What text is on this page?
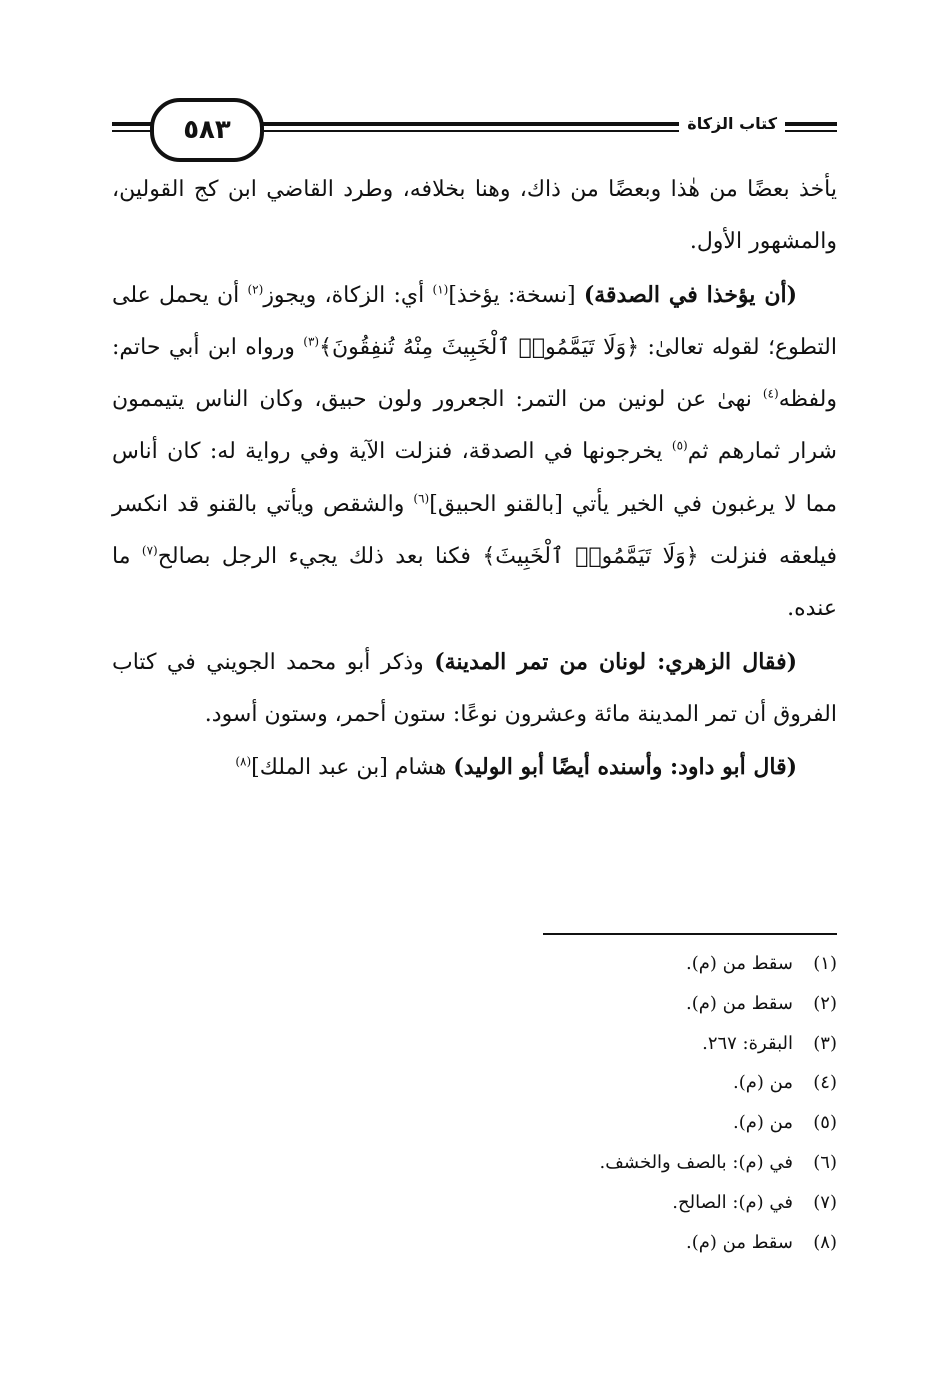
٥٨٣	كتاب الزكاة

يأخذ بعضًا من هٰذا وبعضًا من ذاك، وهنا بخلافه، وطرد القاضي ابن كج القولين، والمشهور الأول.

(أن يؤخذا في الصدقة) [نسخة: يؤخذ]$^{(١)}$ أي: الزكاة، ويجوز$^{(٢)}$ أن يحمل على التطوع؛ لقوله تعالىٰ: ﴿وَلَا تَيَمَّمُوا۟ ٱلْخَبِيثَ مِنْهُ تُنفِقُونَ﴾$^{(٣)}$ ورواه ابن أبي حاتم: ولفظه$^{(٤)}$ نهىٰ عن لونين من التمر: الجعرور ولون حبيق، وكان الناس يتيممون شرار ثمارهم ثم$^{(٥)}$ يخرجونها في الصدقة، فنزلت الآية وفي رواية له: كان أناس مما لا يرغبون في الخير يأتي [بالقنو الحبيق]$^{(٦)}$ والشقص ويأتي بالقنو قد انكسر فيلعقه فنزلت ﴿وَلَا تَيَمَّمُوا۟ ٱلْخَبِيثَ﴾ فكنا بعد ذلك يجيء الرجل بصالح$^{(٧)}$ ما عنده.

(فقال الزهري: لونان من تمر المدينة) وذكر أبو محمد الجويني في كتاب الفروق أن تمر المدينة مائة وعشرون نوعًا: ستون أحمر، وستون أسود.

(قال أبو داود: وأسنده أيضًا أبو الوليد) هشام [بن عبد الملك]$^{(٨)}$

(١)
سقط من (م).
(٢)
سقط من (م).
(٣)
البقرة: ٢٦٧.
(٤)
من (م).
(٥)
من (م).
(٦)
في (م): بالصف والخشف.
(٧)
في (م): الصالح.
(٨)
سقط من (م).
